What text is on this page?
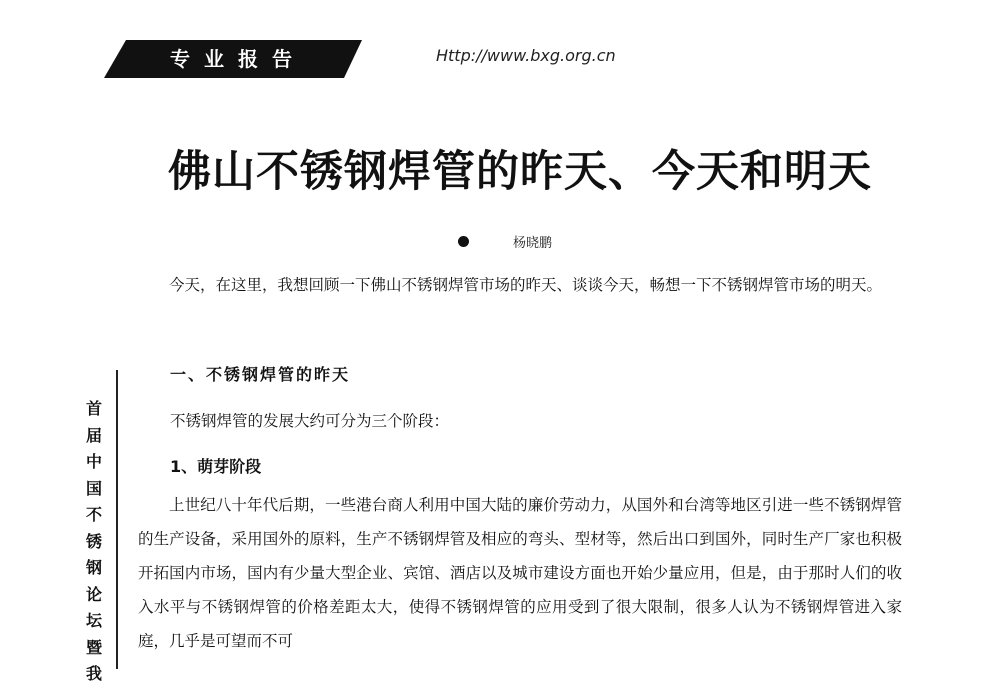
专业报告	Http://www.bxg.org.cn
佛山不锈钢焊管的昨天、今天和明天
杨晓鹏
今天，在这里，我想回顾一下佛山不锈钢焊管市场的昨天、谈谈今天，畅想一下不锈钢焊管市场的明天。
首
届
中
国
不
锈
钢
论
坛
暨
我
一、不锈钢焊管的昨天
不锈钢焊管的发展大约可分为三个阶段：
1、萌芽阶段
上世纪八十年代后期，一些港台商人利用中国大陆的廉价劳动力，从国外和台湾等地区引进一些不锈钢焊管的生产设备，采用国外的原料，生产不锈钢焊管及相应的弯头、型材等，然后出口到国外，同时生产厂家也积极开拓国内市场，国内有少量大型企业、宾馆、酒店以及城市建设方面也开始少量应用，但是，由于那时人们的收入水平与不锈钢焊管的价格差距太大，使得不锈钢焊管的应用受到了很大限制，很多人认为不锈钢焊管进入家庭，几乎是可望而不可
